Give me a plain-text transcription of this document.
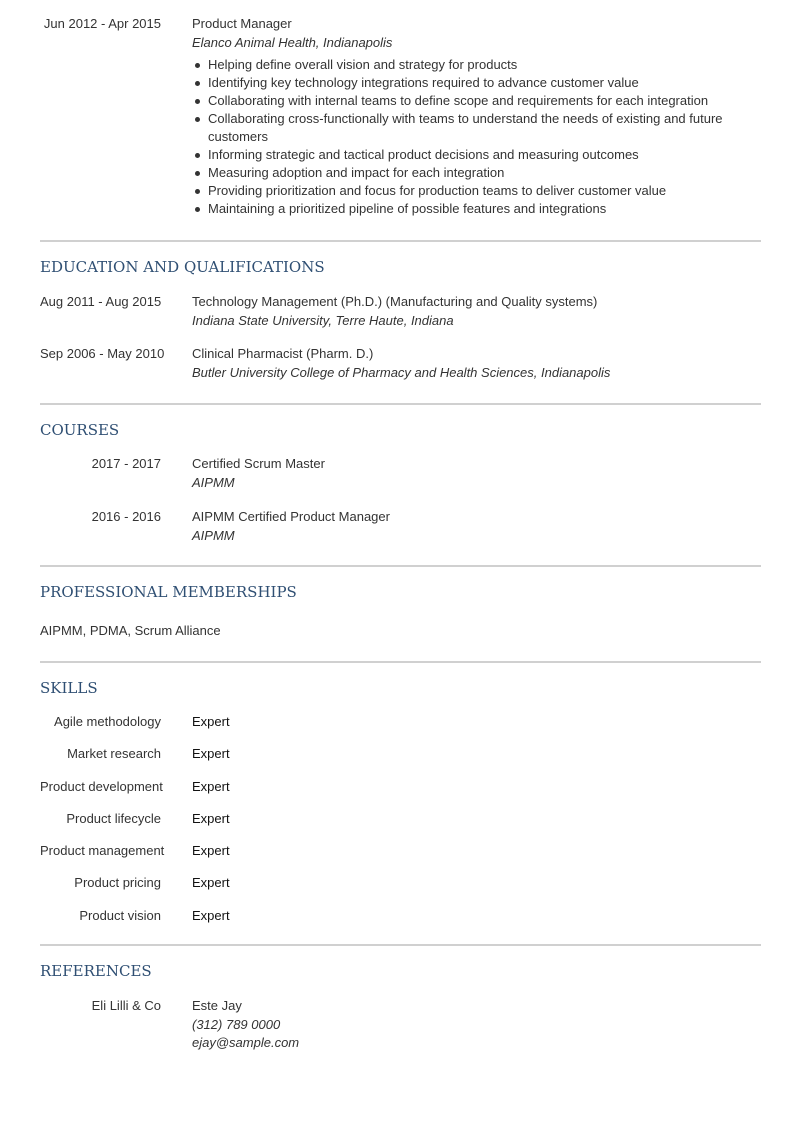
Jun 2012 - Apr 2015 Product Manager
Elanco Animal Health, Indianapolis
Helping define overall vision and strategy for products
Identifying key technology integrations required to advance customer value
Collaborating with internal teams to define scope and requirements for each integration
Collaborating cross-functionally with teams to understand the needs of existing and future customers
Informing strategic and tactical product decisions and measuring outcomes
Measuring adoption and impact for each integration
Providing prioritization and focus for production teams to deliver customer value
Maintaining a prioritized pipeline of possible features and integrations
EDUCATION AND QUALIFICATIONS
Aug 2011 - Aug 2015 Technology Management (Ph.D.) (Manufacturing and Quality systems)
Indiana State University, Terre Haute, Indiana
Sep 2006 - May 2010 Clinical Pharmacist (Pharm. D.)
Butler University College of Pharmacy and Health Sciences, Indianapolis
COURSES
2017 - 2017 Certified Scrum Master
AIPMM
2016 - 2016 AIPMM Certified Product Manager
AIPMM
PROFESSIONAL MEMBERSHIPS
AIPMM, PDMA, Scrum Alliance
SKILLS
Agile methodology Expert
Market research Expert
Product development Expert
Product lifecycle Expert
Product management Expert
Product pricing Expert
Product vision Expert
REFERENCES
Eli Lilli & Co Este Jay
(312) 789 0000
ejay@sample.com
